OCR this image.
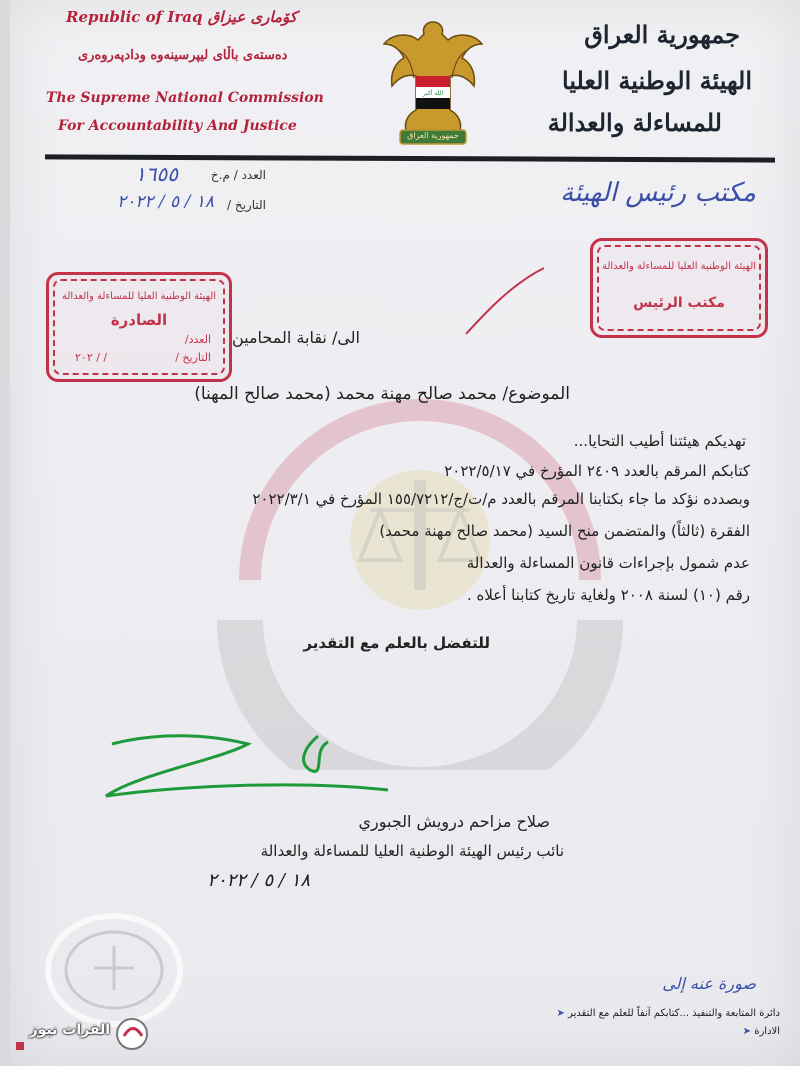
Republic of Iraq كۆماری عیزاق
دەستەی باڵای لیپرسینەوە ودادپەروەری
The Supreme National Commission
For Accountability And Justice
الله أكبر
جمهورية العراق
جمهورية العراق
الهيئة الوطنية العليا
للمساءلة والعدالة
العدد / م.خ
١٦٥٥
التاريخ /
١٨ / ٥ / ٢٠٢٢	مكتب رئيس الهيئة
الهيئة الوطنية العليا للمساءلة والعدالة
الصادرة
العدد/
التاريخ /
/ / ٢٠٢
الهيئة الوطنية العليا للمساءلة والعدالة
مكتب الرئيس
الى/ نقابة المحامين
الموضوع/ محمد صالح مهنة محمد (محمد صالح المهنا)
تهديكم هيئتنا أطيب التحايا...
كتابكم المرقم بالعدد ٢٤٠٩ المؤرخ في ٢٠٢٢/٥/١٧
وبصدده نؤكد ما جاء بكتابنا المرقم بالعدد م/ت/ج/١٥٥/٧٢١٢ المؤرخ في ٢٠٢٢/٣/١
الفقرة (ثالثاً) والمتضمن منح السيد (محمد صالح مهنة محمد)
عدم شمول بإجراءات قانون المساءلة والعدالة
رقم (١٠) لسنة ٢٠٠٨ ولغاية تاريخ كتابنا أعلاه .
للتفضل بالعلم مع التقدير
صلاح مزاحم درويش الجبوري
نائب رئيس الهيئة الوطنية العليا للمساءلة والعدالة
١٨ / ٥ / ٢٠٢٢
صورة عنه إلى
دائرة المتابعة والتنفيذ ...كتابكم آنفاً للعلم مع التقدير ➤
الادارة ➤
الفرات نيوز
